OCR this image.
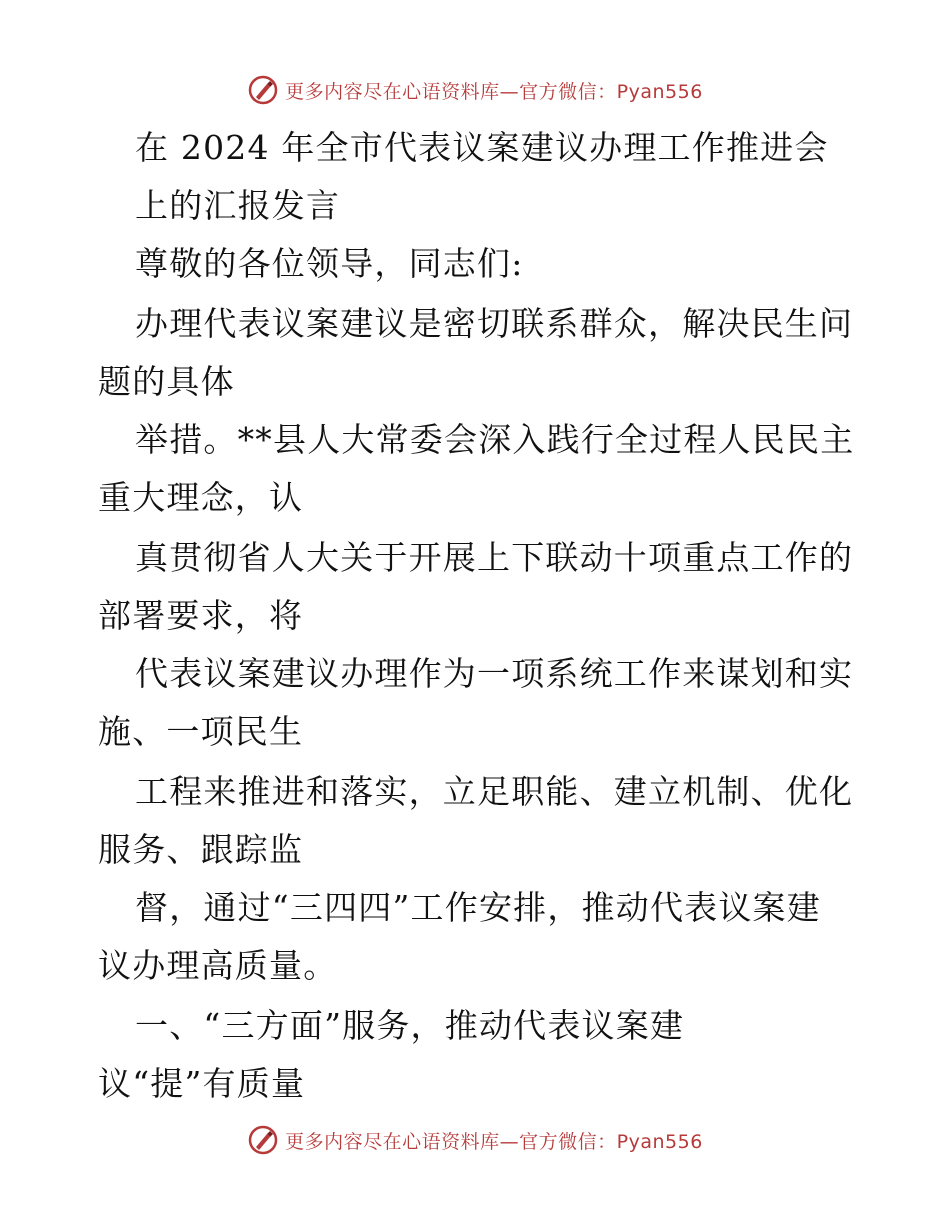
更多内容尽在心语资料库—官方微信：Pyan556
在 2024 年全市代表议案建议办理工作推进会
上的汇报发言
尊敬的各位领导，同志们:
办理代表议案建议是密切联系群众，解决民生问
题的具体
举措。**县人大常委会深入践行全过程人民民主
重大理念，认
真贯彻省人大关于开展上下联动十项重点工作的
部署要求，将
代表议案建议办理作为一项系统工作来谋划和实
施、一项民生
工程来推进和落实，立足职能、建立机制、优化
服务、跟踪监
督，通过“三四四”工作安排，推动代表议案建
议办理高质量。
一、“三方面”服务，推动代表议案建
议“提”有质量
更多内容尽在心语资料库—官方微信：Pyan556
